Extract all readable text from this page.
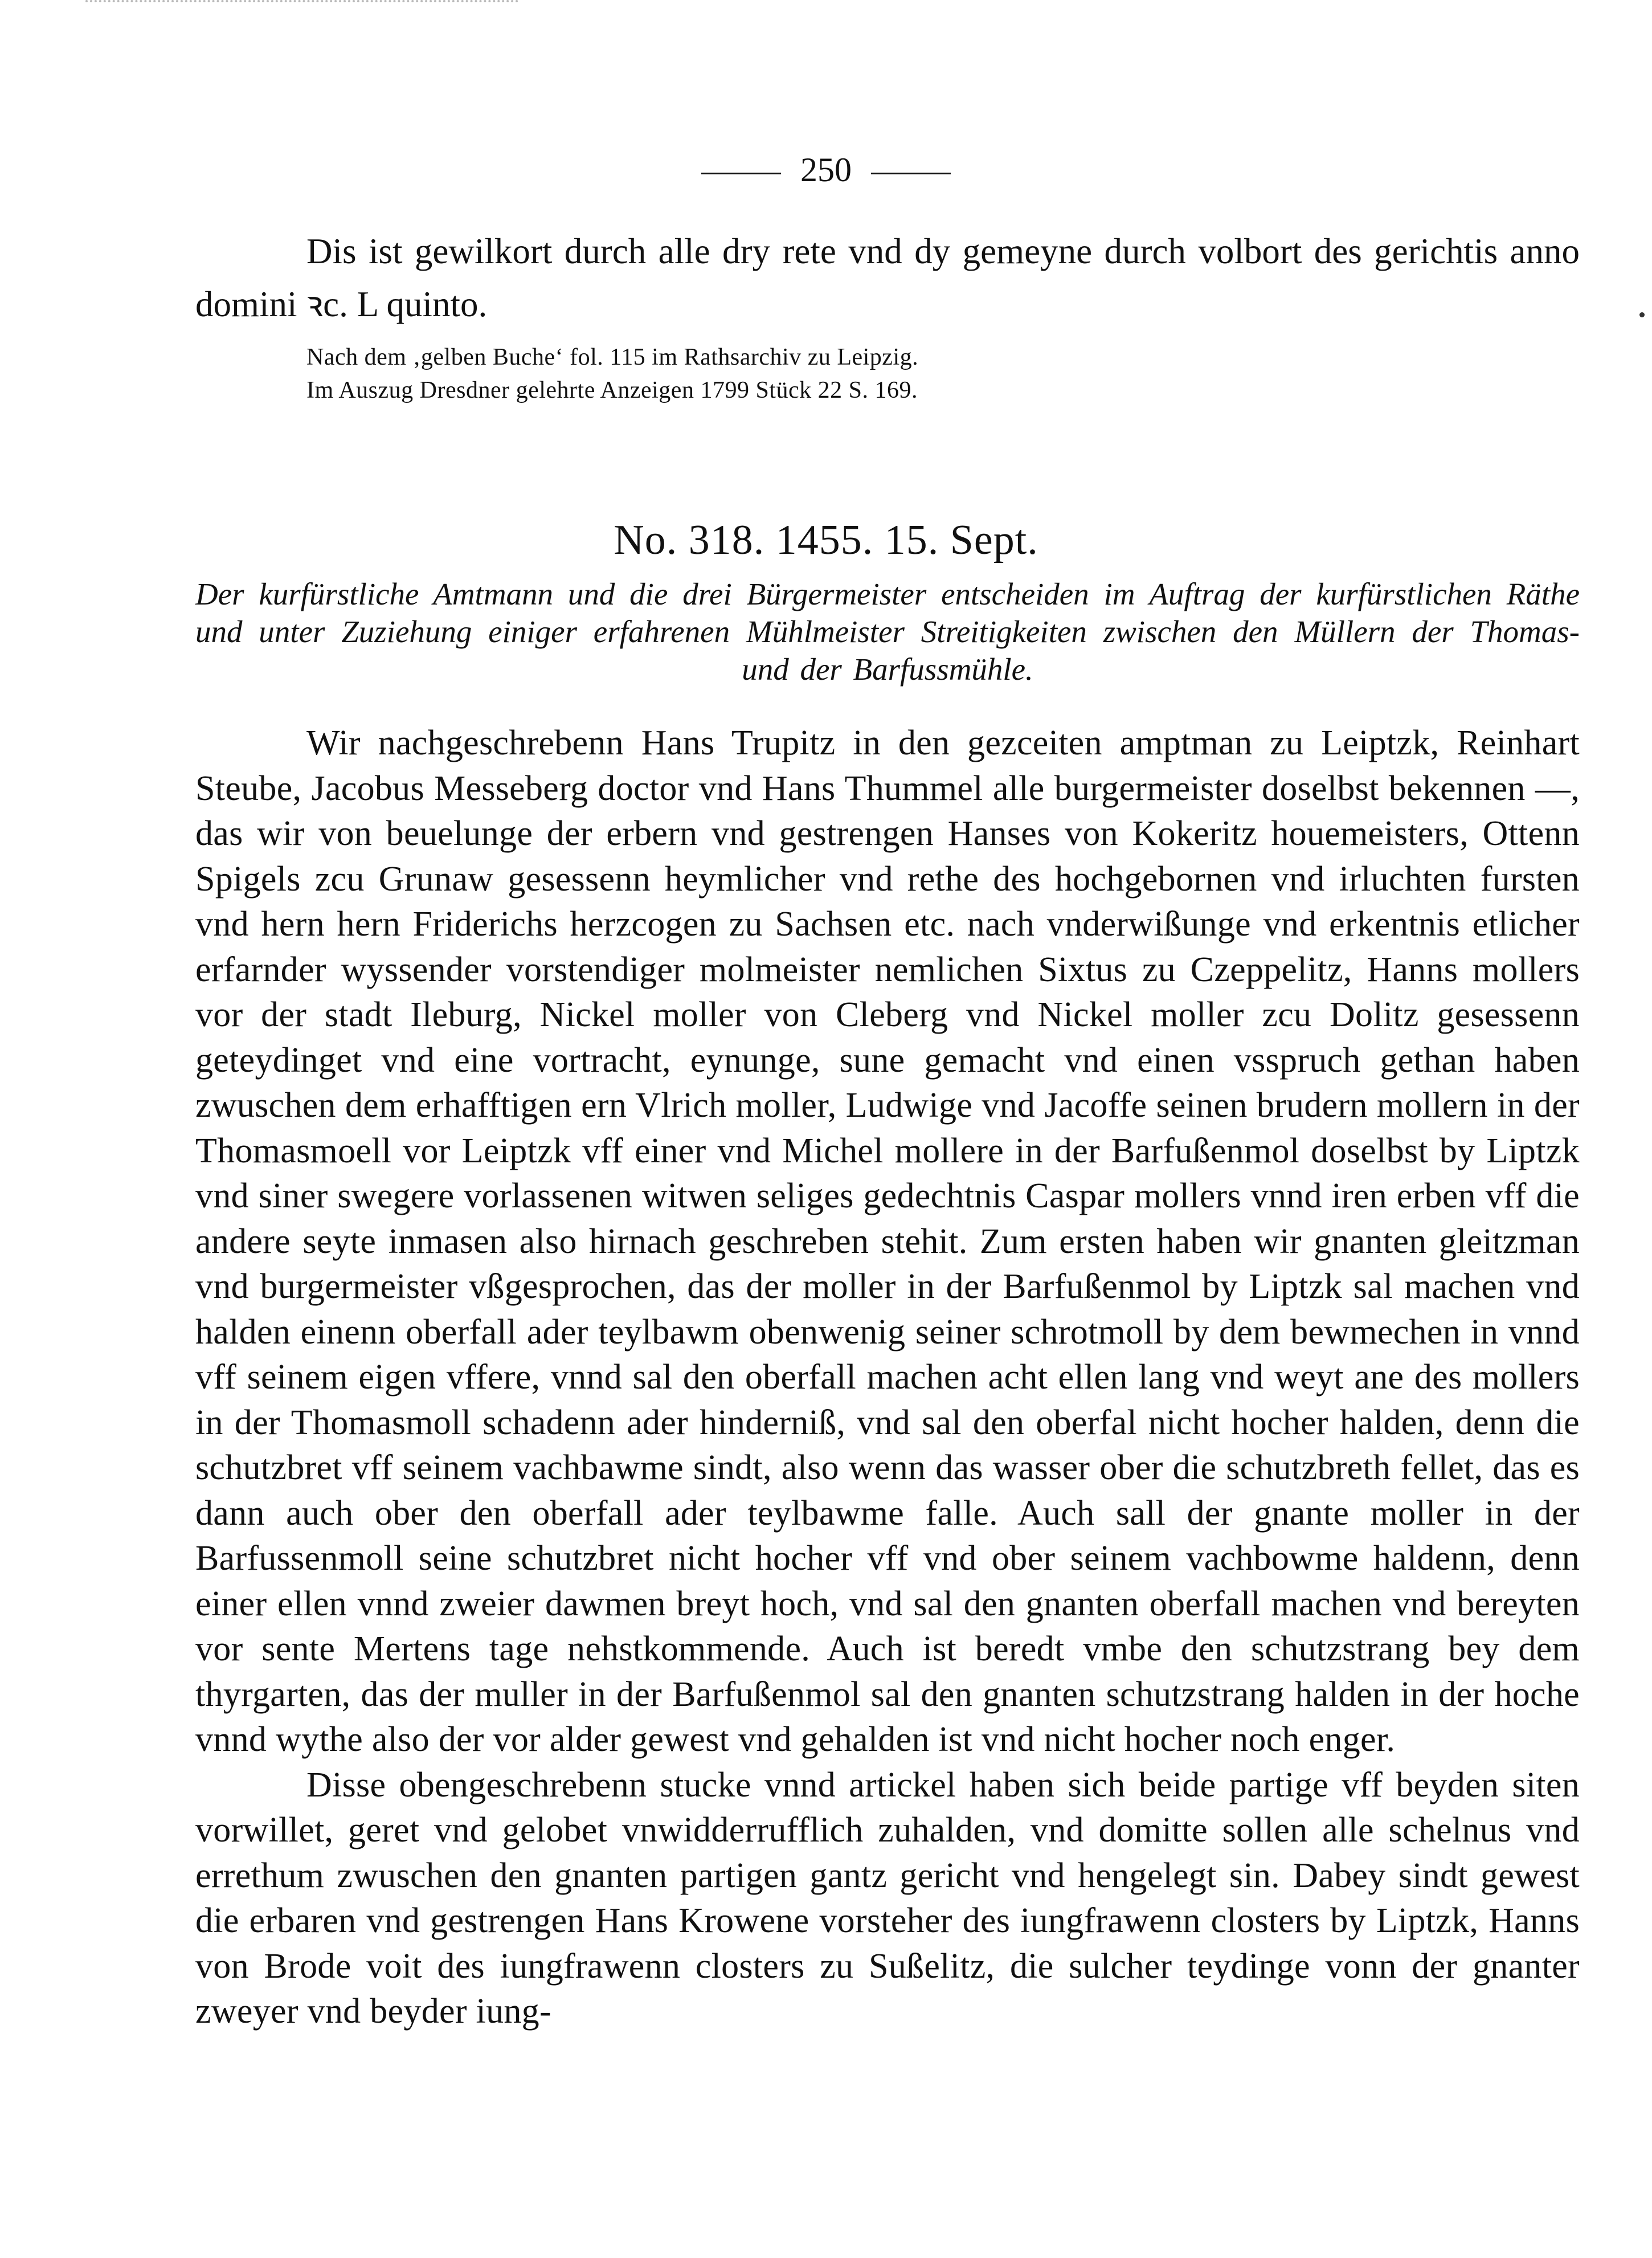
250
Dis ist gewilkort durch alle dry rete vnd dy gemeyne durch volbort des gerichtis anno domini ꝛc. L quinto.
Nach dem ‚gelben Buche‘ fol. 115 im Rathsarchiv zu Leipzig.
Im Auszug Dresdner gelehrte Anzeigen 1799 Stück 22 S. 169.
No. 318. 1455. 15. Sept.
Der kurfürstliche Amtmann und die drei Bürgermeister entscheiden im Auftrag der kurfürstlichen Räthe und unter Zuziehung einiger erfahrenen Mühlmeister Streitigkeiten zwischen den Müllern der Thomas- und der Barfussmühle.

Wir nachgeschrebenn Hans Trupitz in den gezceiten amptman zu Leiptzk, Reinhart Steube, Jacobus Messeberg doctor vnd Hans Thummel alle burgermeister doselbst bekennen —, das wir von beuelunge der erbern vnd gestrengen Hanses von Kokeritz houemeisters, Ottenn Spigels zcu Grunaw gesessenn heymlicher vnd rethe des hochgebornen vnd irluchten fursten vnd hern hern Friderichs herzcogen zu Sachsen etc. nach vnderwißunge vnd erkentnis etlicher erfarnder wyssender vorstendiger molmeister nemlichen Sixtus zu Czeppelitz, Hanns mollers vor der stadt Ileburg, Nickel moller von Cleberg vnd Nickel moller zcu Dolitz gesessenn geteydinget vnd eine vortracht, eynunge, sune gemacht vnd einen vsspruch gethan haben zwuschen dem erhafftigen ern Vlrich moller, Ludwige vnd Jacoffe seinen brudern mollern in der Thomasmoell vor Leiptzk vff einer vnd Michel mollere in der Barfußenmol doselbst by Liptzk vnd siner swegere vorlassenen witwen seliges gedechtnis Caspar mollers vnnd iren erben vff die andere seyte inmasen also hirnach geschreben stehit. Zum ersten haben wir gnanten gleitzman vnd burgermeister vßgesprochen, das der moller in der Barfußenmol by Liptzk sal machen vnd halden einenn oberfall ader teylbawm obenwenig seiner schrotmoll by dem bewmechen in vnnd vff seinem eigen vffere, vnnd sal den oberfall machen acht ellen lang vnd weyt ane des mollers in der Thomasmoll schadenn ader hinderniß, vnd sal den oberfal nicht hocher halden, denn die schutzbret vff seinem vachbawme sindt, also wenn das wasser ober die schutzbreth fellet, das es dann auch ober den oberfall ader teylbawme falle. Auch sall der gnante moller in der Barfussenmoll seine schutzbret nicht hocher vff vnd ober seinem vachbowme haldenn, denn einer ellen vnnd zweier dawmen breyt hoch, vnd sal den gnanten oberfall machen vnd bereyten vor sente Mertens tage nehstkommende. Auch ist beredt vmbe den schutzstrang bey dem thyrgarten, das der muller in der Barfußenmol sal den gnanten schutzstrang halden in der hoche vnnd wythe also der vor alder gewest vnd gehalden ist vnd nicht hocher noch enger.

Disse obengeschrebenn stucke vnnd artickel haben sich beide partige vff beyden siten vorwillet, geret vnd gelobet vnwidderrufflich zuhalden, vnd domitte sollen alle schelnus vnd errethum zwuschen den gnanten partigen gantz gericht vnd hengelegt sin. Dabey sindt gewest die erbaren vnd gestrengen Hans Krowene vorsteher des iungfrawenn closters by Liptzk, Hanns von Brode voit des iungfrawenn closters zu Sußelitz, die sulcher teydinge vonn der gnanter zweyer vnd beyder iung-
